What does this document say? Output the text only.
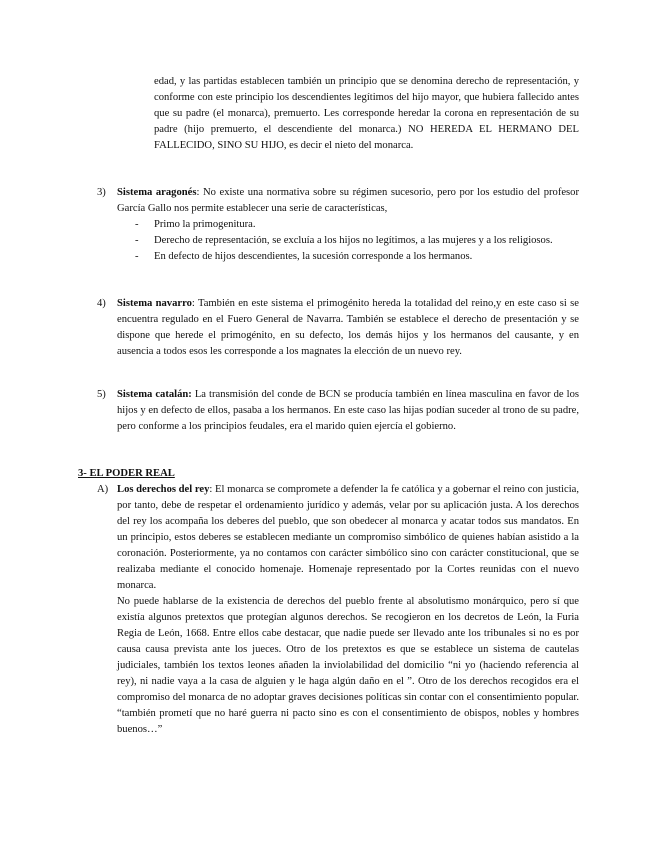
edad, y las partidas establecen también un principio que se denomina derecho de representación, y conforme con este principio los descendientes legítimos del hijo mayor, que hubiera fallecido antes que su padre (el monarca), premuerto. Les corresponde heredar la corona en representación de su padre (hijo premuerto, el descendiente del monarca.) NO HEREDA EL HERMANO DEL FALLECIDO, SINO SU HIJO, es decir el nieto del monarca.

3) Sistema aragonés: No existe una normativa sobre su régimen sucesorio, pero por los estudio del profesor García Gallo nos permite establecer una serie de características,

- Primo la primogenitura.
- Derecho de representación, se excluía a los hijos no legítimos, a las mujeres y a los religiosos.
- En defecto de hijos descendientes, la sucesión corresponde a los hermanos.
4) Sistema navarro: También en este sistema el primogénito hereda la totalidad del reino,y en este caso si se encuentra regulado en el Fuero General de Navarra. También se establece el derecho de presentación y se dispone que herede el primogénito, en su defecto, los demás hijos y los hermanos del causante, y en ausencia a todos esos les corresponde a los magnates la elección de un nuevo rey.

5) Sistema catalán: La transmisión del conde de BCN se producía también en línea masculina en favor de los hijos y en defecto de ellos, pasaba a los hermanos. En este caso las hijas podían suceder al trono de su padre, pero conforme a los principios feudales, era el marido quien ejercía el gobierno.

3- EL PODER REAL
A) Los derechos del rey: El monarca se compromete a defender la fe católica y a gobernar el reino con justicia, por tanto, debe de respetar el ordenamiento jurídico y además, velar por su aplicación justa. A los derechos del rey los acompaña los deberes del pueblo, que son obedecer al monarca y acatar todos sus mandatos. En un principio, estos deberes se establecen mediante un compromiso simbólico de quienes habían asistido a la coronación. Posteriormente, ya no contamos con carácter simbólico sino con carácter constitucional, que se realizaba mediante el conocido homenaje. Homenaje representado por la Cortes reunidas con el nuevo monarca.

No puede hablarse de la existencia de derechos del pueblo frente al absolutismo monárquico, pero sí que existía algunos pretextos que protegían algunos derechos. Se recogieron en los decretos de León, la Furia Regia de León, 1668. Entre ellos cabe destacar, que nadie puede ser llevado ante los tribunales si no es por causa causa prevista ante los jueces. Otro de los pretextos es que se establece un sistema de cautelas judiciales, también los textos leones añaden la inviolabilidad del domicilio “ni yo (haciendo referencia al rey), ni nadie vaya a la casa de alguien y le haga algún daño en el ”. Otro de los derechos recogidos era el compromiso del monarca de no adoptar graves decisiones políticas sin contar con el consentimiento popular. “también prometí que no haré guerra ni pacto sino es con el consentimiento de obispos, nobles y hombres buenos…”
